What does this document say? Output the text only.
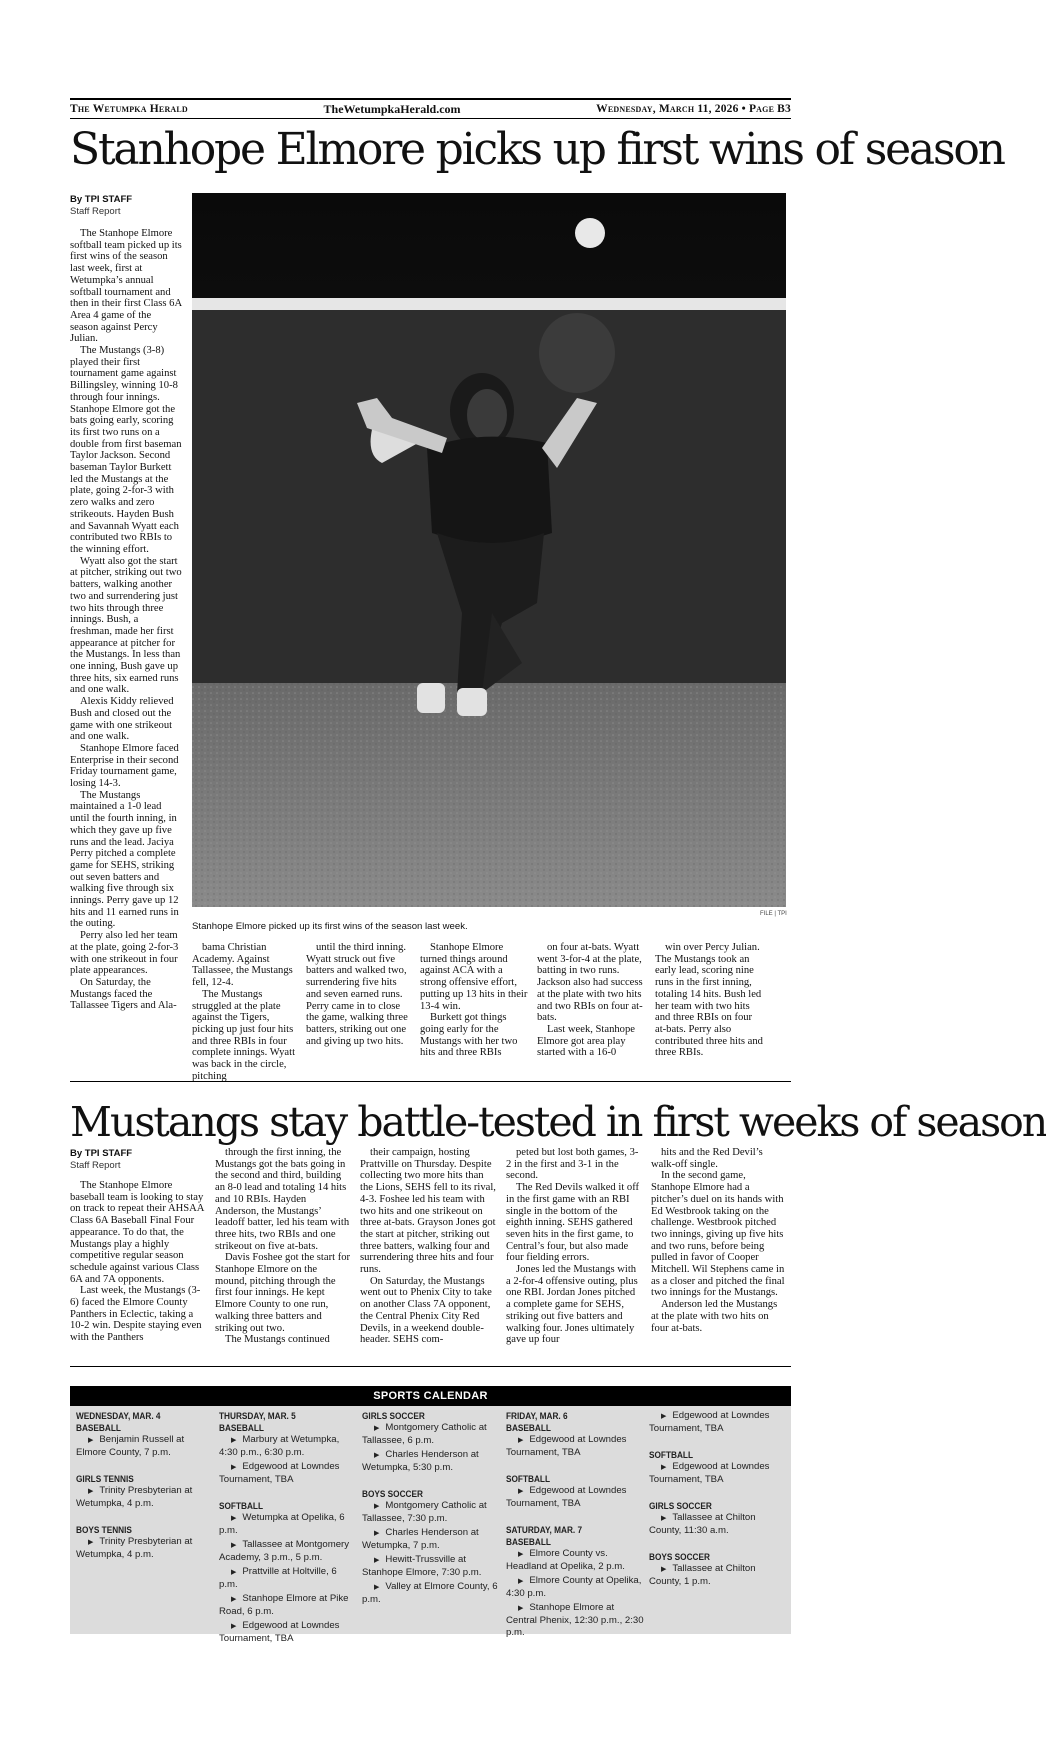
The Wetumpka Herald	TheWetumpkaHerald.com	Wednesday, March 11, 2026 • Page B3
Stanhope Elmore picks up first wins of season
By TPI STAFF
Staff Report

The Stanhope Elmore softball team picked up its first wins of the season last week, first at Wetumpka’s annual softball tournament and then in their first Class 6A Area 4 game of the season against Percy Julian.

The Mustangs (3-8) played their first tournament game against Billingsley, winning 10-8 through four innings. Stanhope Elmore got the bats going early, scoring its first two runs on a double from first baseman Taylor Jackson. Second baseman Taylor Burkett led the Mustangs at the plate, going 2-for-3 with zero walks and zero strikeouts. Hayden Bush and Savannah Wyatt each contributed two RBIs to the winning effort.

Wyatt also got the start at pitcher, striking out two batters, walking another two and surrendering just two hits through three innings. Bush, a freshman, made her first appearance at pitcher for the Mustangs. In less than one inning, Bush gave up three hits, six earned runs and one walk.

Alexis Kiddy relieved Bush and closed out the game with one strikeout and one walk.

Stanhope Elmore faced Enterprise in their second Friday tournament game, losing 14-3.

The Mustangs maintained a 1-0 lead until the fourth inning, in which they gave up five runs and the lead. Jaciya Perry pitched a complete game for SEHS, striking out seven batters and walking five through six innings. Perry gave up 12 hits and 11 earned runs in the outing.

Perry also led her team at the plate, going 2-for-3 with one strikeout in four plate appearances.

On Saturday, the Mustangs faced the Tallassee Tigers and Ala-

FILE | TPI
Stanhope Elmore picked up its first wins of the season last week.

bama Christian Academy. Against Tallassee, the Mustangs fell, 12-4.

The Mustangs struggled at the plate against the Tigers, picking up just four hits and three RBIs in four complete innings. Wyatt was back in the circle, pitching

until the third inning. Wyatt struck out five batters and walked two, surrendering five hits and seven earned runs. Perry came in to close the game, walking three batters, striking out one and giving up two hits.

Stanhope Elmore turned things around against ACA with a strong offensive effort, putting up 13 hits in their 13-4 win.

Burkett got things going early for the Mustangs with her two hits and three RBIs

on four at-bats. Wyatt went 3-for-4 at the plate, batting in two runs. Jackson also had success at the plate with two hits and two RBIs on four at-bats.

Last week, Stanhope Elmore got area play started with a 16-0

win over Percy Julian. The Mustangs took an early lead, scoring nine runs in the first inning, totaling 14 hits. Bush led her team with two hits and three RBIs on four at-bats. Perry also contributed three hits and three RBIs.

Mustangs stay battle-tested in first weeks of season
By TPI STAFF
Staff Report

The Stanhope Elmore baseball team is looking to stay on track to repeat their AHSAA Class 6A Baseball Final Four appearance. To do that, the Mustangs play a highly competitive regular season schedule against various Class 6A and 7A opponents.

Last week, the Mustangs (3-6) faced the Elmore County Panthers in Eclectic, taking a 10-2 win. Despite staying even with the Panthers

through the first inning, the Mustangs got the bats going in the second and third, building an 8-0 lead and totaling 14 hits and 10 RBIs. Hayden Anderson, the Mustangs’ leadoff batter, led his team with three hits, two RBIs and one strikeout on five at-bats.

Davis Foshee got the start for Stanhope Elmore on the mound, pitching through the first four innings. He kept Elmore County to one run, walking three batters and striking out two.

The Mustangs continued

their campaign, hosting Prattville on Thursday. Despite collecting two more hits than the Lions, SEHS fell to its rival, 4-3. Foshee led his team with two hits and one strikeout on three at-bats. Grayson Jones got the start at pitcher, striking out three batters, walking four and surrendering three hits and four runs.

On Saturday, the Mustangs went out to Phenix City to take on another Class 7A opponent, the Central Phenix City Red Devils, in a weekend double-header. SEHS com-

peted but lost both games, 3-2 in the first and 3-1 in the second.

The Red Devils walked it off in the first game with an RBI single in the bottom of the eighth inning. SEHS gathered seven hits in the first game, to Central’s four, but also made four fielding errors.

Jones led the Mustangs with a 2-for-4 offensive outing, plus one RBI. Jordan Jones pitched a complete game for SEHS, striking out five batters and walking four. Jones ultimately gave up four

hits and the Red Devil’s walk-off single.

In the second game, Stanhope Elmore had a pitcher’s duel on its hands with Ed Westbrook taking on the challenge. Westbrook pitched two innings, giving up five hits and two runs, before being pulled in favor of Cooper Mitchell. Wil Stephens came in as a closer and pitched the final two innings for the Mustangs.

Anderson led the Mustangs at the plate with two hits on four at-bats.

SPORTS CALENDAR
WEDNESDAY, MAR. 4
BASEBALL
▶ Benjamin Russell at Elmore County, 7 p.m.
GIRLS TENNIS
▶ Trinity Presbyterian at Wetumpka, 4 p.m.
BOYS TENNIS
▶ Trinity Presbyterian at Wetumpka, 4 p.m.
THURSDAY, MAR. 5
BASEBALL
▶ Marbury at Wetumpka, 4:30 p.m., 6:30 p.m.
▶ Edgewood at Lowndes Tournament, TBA
SOFTBALL
▶ Wetumpka at Opelika, 6 p.m.
▶ Tallassee at Montgomery Academy, 3 p.m., 5 p.m.
▶ Prattville at Holtville, 6 p.m.
▶ Stanhope Elmore at Pike Road, 6 p.m.
▶ Edgewood at Lowndes Tournament, TBA
GIRLS SOCCER
▶ Montgomery Catholic at Tallassee, 6 p.m.
▶ Charles Henderson at Wetumpka, 5:30 p.m.
BOYS SOCCER
▶ Montgomery Catholic at Tallassee, 7:30 p.m.
▶ Charles Henderson at Wetumpka, 7 p.m.
▶ Hewitt-Trussville at Stanhope Elmore, 7:30 p.m.
▶ Valley at Elmore County, 6 p.m.
FRIDAY, MAR. 6
BASEBALL
▶ Edgewood at Lowndes Tournament, TBA
SOFTBALL
▶ Edgewood at Lowndes Tournament, TBA
SATURDAY, MAR. 7
BASEBALL
▶ Elmore County vs. Headland at Opelika, 2 p.m.
▶ Elmore County at Opelika, 4:30 p.m.
▶ Stanhope Elmore at Central Phenix, 12:30 p.m., 2:30 p.m.
▶ Edgewood at Lowndes Tournament, TBA
SOFTBALL
▶ Edgewood at Lowndes Tournament, TBA
GIRLS SOCCER
▶ Tallassee at Chilton County, 11:30 a.m.
BOYS SOCCER
▶ Tallassee at Chilton County, 1 p.m.
